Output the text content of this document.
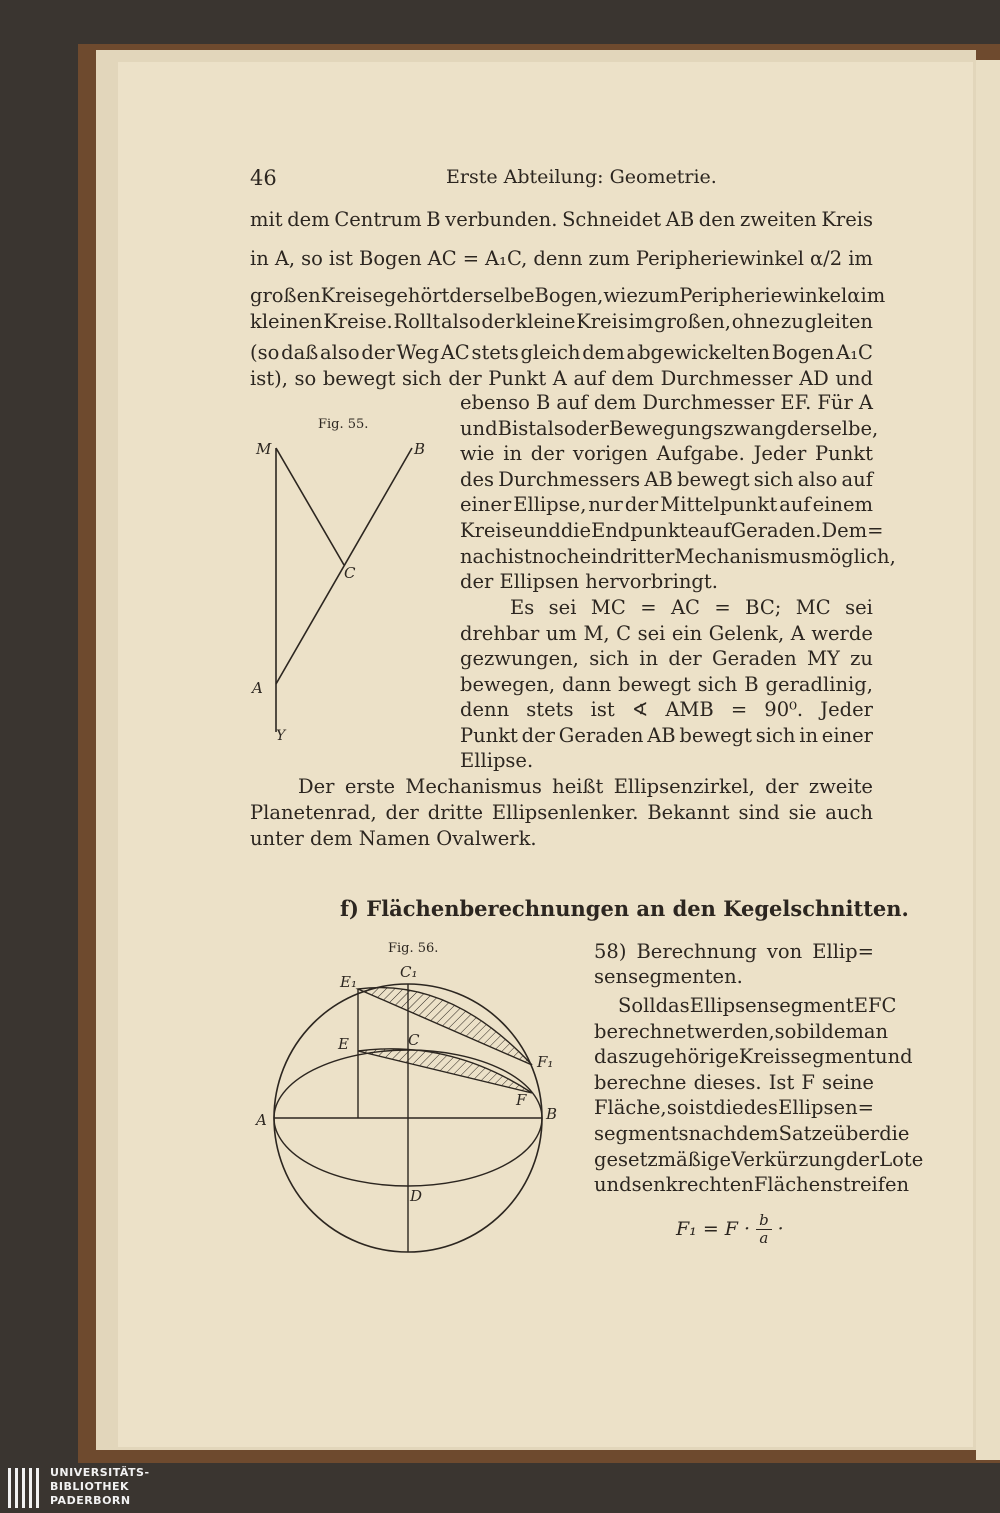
46	Erste Abteilung: Geometrie.
mit dem Centrum B verbunden. Schneidet AB den zweiten Kreis
in A, so ist Bogen AC = A₁C, denn zum Peripheriewinkel α/2 im
großen Kreise gehört derselbe Bogen, wie zum Peripheriewinkel α im
kleinen Kreise. Rollt also der kleine Kreis im großen, ohne zu gleiten
(so daß also der Weg AC stets gleich dem abgewickelten Bogen A₁C
ist), so bewegt sich der Punkt A auf dem Durchmesser AD und
ebenso B auf dem Durchmesser EF. Für A
und B ist also der Bewegungszwang derselbe,
wie in der vorigen Aufgabe. Jeder Punkt
des Durchmessers AB bewegt sich also auf
einer Ellipse, nur der Mittelpunkt auf einem
Kreise und die Endpunkte auf Geraden. Dem=
nach ist noch ein dritter Mechanismus möglich,
der Ellipsen hervorbringt.
Es sei MC = AC = BC; MC sei
drehbar um M, C sei ein Gelenk, A werde
gezwungen, sich in der Geraden MY zu
bewegen, dann bewegt sich B geradlinig,
denn stets ist ∢ AMB = 90⁰. Jeder
Punkt der Geraden AB bewegt sich in einer
Ellipse.
Der erste Mechanismus heißt Ellipsenzirkel, der zweite
Planetenrad, der dritte Ellipsenlenker. Bekannt sind sie auch
unter dem Namen Ovalwerk.
Fig. 55.
M	B
C
A
Y
f) Flächenberechnungen an den Kegelschnitten.
Fig. 56.
E₁
C₁
E	C
F₁
F
A	B
D
58) Berechnung von Ellip=
sensegmenten.
Soll das Ellipsensegment EFC
berechnet werden, so bilde man
das zugehörige Kreissegment und
berechne dieses. Ist F seine
Fläche, so ist die des Ellipsen=
segments nach dem Satze über die
gesetzmäßige Verkürzung der Lote
und senkrechten Flächenstreifen
$F_1 = F \cdot \frac{b}{a}$ ·
UNIVERSITÄTS-
BIBLIOTHEK
PADERBORN
